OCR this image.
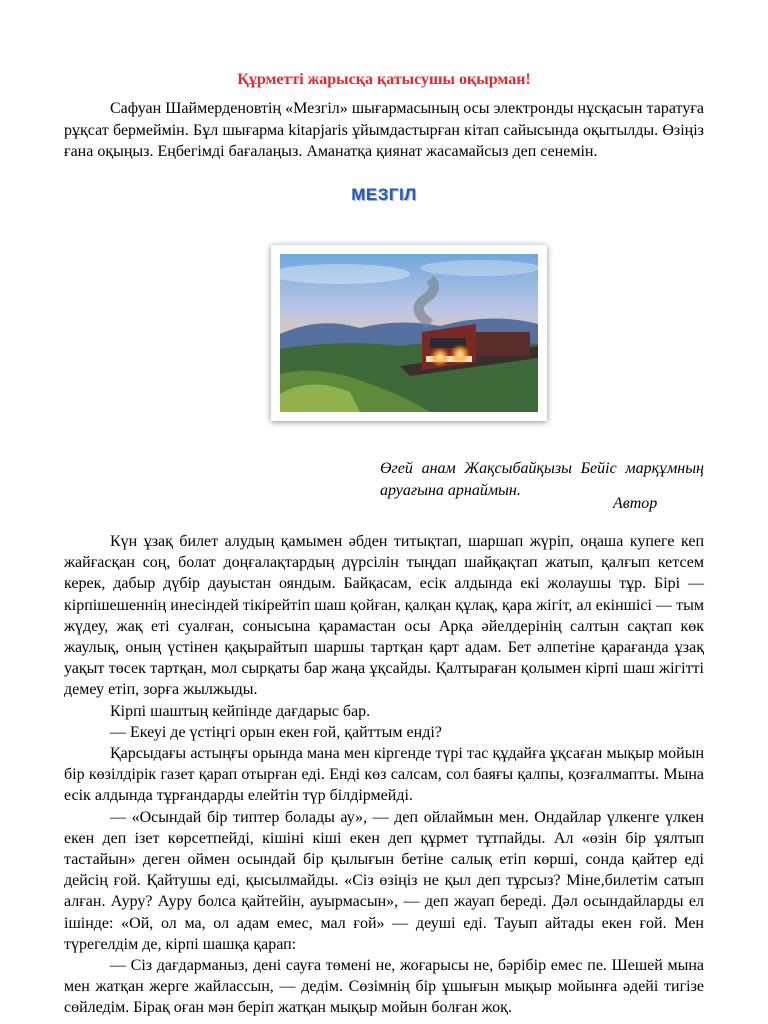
Құрметті жарысқа қатысушы оқырман!

Сафуан Шаймерденовтің «Мезгіл» шығармасының осы электронды нұсқасын таратуға рұқсат бермеймін. Бұл шығарма kitapjaris ұйымдастырған кітап сайысында оқытылды. Өзіңіз ғана оқыңыз. Еңбегімді бағалаңыз. Аманатқа қиянат жасамайсыз деп сенемін.

МЕЗГІЛ
Өгей анам Жақсыбайқызы Бейіс марқұмның аруағына арнаймын.
Автор

Күн ұзақ билет алудың қамымен әбден титықтап, шаршап жүріп, оңаша купеге кеп жайғасқан соң, болат доңғалақтардың дүрсілін тыңдап шайқақтап жатып, қалғып кетсем керек, дабыр дүбір дауыстан ояндым. Байқасам, есік алдында екі жолаушы тұр. Бірі — кірпішешеннің инесіндей тікірейтіп шаш қойған, қалқан құлақ, қара жігіт, ал екіншісі — тым жүдеу, жақ еті суалған, сонысына қарамастан осы Арқа әйелдерінің салтын сақтап көк жаулық, оның үстінен қақырайтып шаршы тартқан қарт адам. Бет әлпетіне қарағанда ұзақ уақыт төсек тартқан, мол сырқаты бар жаңа ұқсайды. Қалтыраған қолымен кірпі шаш жігітті демеу етіп, зорға жылжыды.

Кірпі шаштың кейпінде дағдарыс бар.

— Екеуі де үстіңгі орын екен ғой, қайттым енді?

Қарсыдағы астыңғы орында мана мен кіргенде түрі тас құдайға ұқсаған мықыр мойын бір көзілдірік газет қарап отырған еді. Енді көз салсам, сол баяғы қалпы, қозғалмапты. Мына есік алдында тұрғандарды елейтін түр білдірмейді.

— «Осындай бір типтер болады ау», — деп ойлаймын мен. Ондайлар үлкенге үлкен екен деп ізет көрсетпейді, кішіні кіші екен деп құрмет тұтпайды. Ал «өзін бір ұялтып тастайын» деген оймен осындай бір қылығын бетіне салық етіп көрші, сонда қайтер еді дейсің ғой. Қайтушы еді, қысылмайды. «Сіз өзіңіз не қыл деп тұрсыз? Міне,билетім сатып алған. Ауру? Ауру болса қайтейін, ауырмасын», — деп жауап береді. Дәл осындайларды ел ішінде: «Ой, ол ма, ол адам емес, мал ғой» — деуші еді. Тауып айтады екен ғой. Мен түрегелдім де, кірпі шашқа қарап:

— Сіз дағдарманыз, дені сауға төмені не, жоғарысы не, бәрібір емес пе. Шешей мына мен жатқан жерге жайлассын, — дедім. Сөзімнің бір ұшығын мықыр мойынға әдейі тигізе сөйледім. Бірақ оған мән беріп жатқан мықыр мойын болған жоқ.
